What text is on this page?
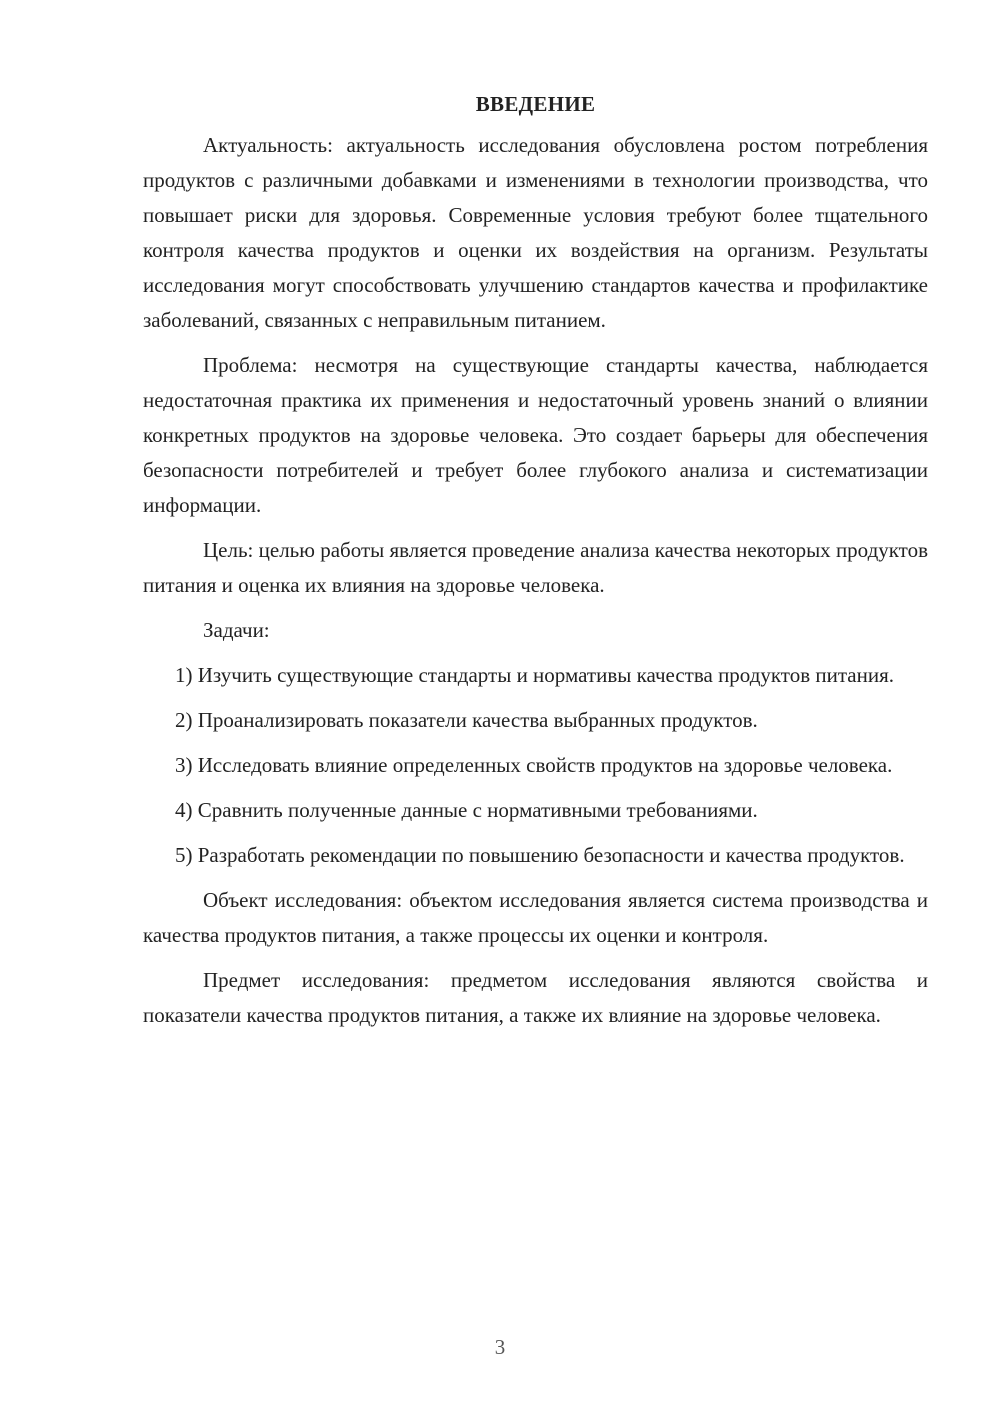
ВВЕДЕНИЕ

Актуальность: актуальность исследования обусловлена ростом потребления продуктов с различными добавками и изменениями в технологии производства, что повышает риски для здоровья. Современные условия требуют более тщательного контроля качества продуктов и оценки их воздействия на организм. Результаты исследования могут способствовать улучшению стандартов качества и профилактике заболеваний, связанных с неправильным питанием.

Проблема: несмотря на существующие стандарты качества, наблюдается недостаточная практика их применения и недостаточный уровень знаний о влиянии конкретных продуктов на здоровье человека. Это создает барьеры для обеспечения безопасности потребителей и требует более глубокого анализа и систематизации информации.

Цель: целью работы является проведение анализа качества некоторых продуктов питания и оценка их влияния на здоровье человека.

Задачи:

1) Изучить существующие стандарты и нормативы качества продуктов питания.

2) Проанализировать показатели качества выбранных продуктов.

3) Исследовать влияние определенных свойств продуктов на здоровье человека.

4) Сравнить полученные данные с нормативными требованиями.

5) Разработать рекомендации по повышению безопасности и качества продуктов.

Объект исследования: объектом исследования является система производства и качества продуктов питания, а также процессы их оценки и контроля.

Предмет исследования: предметом исследования являются свойства и показатели качества продуктов питания, а также их влияние на здоровье человека.

3
